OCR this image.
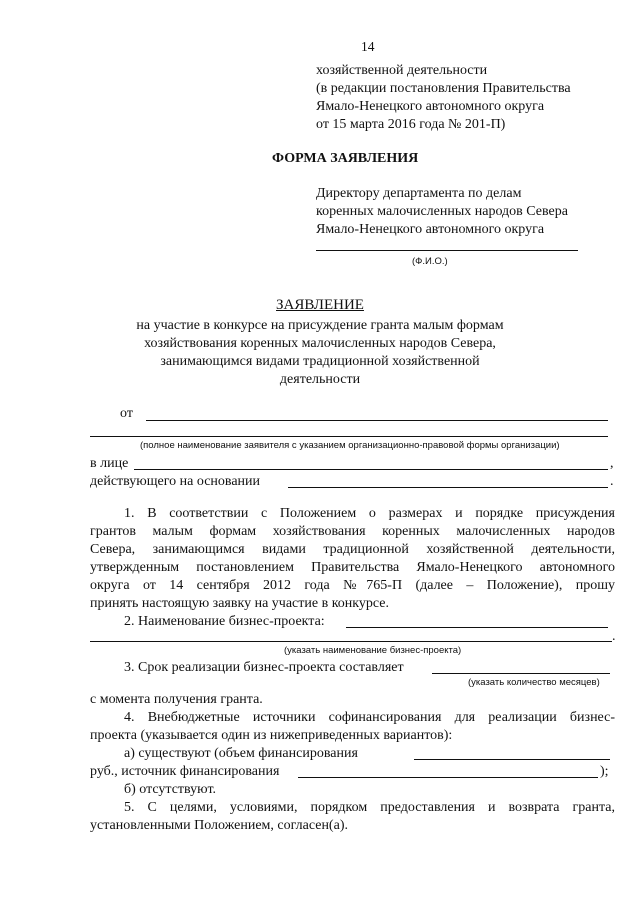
14
хозяйственной деятельности
(в редакции постановления Правительства
Ямало-Ненецкого автономного округа
от 15 марта 2016 года № 201-П)
ФОРМА ЗАЯВЛЕНИЯ
Директору департамента по делам
коренных малочисленных народов Севера
Ямало-Ненецкого автономного округа
(Ф.И.О.)
ЗАЯВЛЕНИЕ
на участие в конкурсе на присуждение гранта малым формам
хозяйствования коренных малочисленных народов Севера,
занимающимся видами традиционной хозяйственной
деятельности
от
(полное наименование заявителя с указанием организационно-правовой формы организации)
в лице	,
действующего на основании	.
1. В соответствии с Положением о размерах и порядке присуждения
грантов малым формам хозяйствования коренных малочисленных народов
Севера, занимающимся видами традиционной хозяйственной деятельности,
утвержденным постановлением Правительства Ямало-Ненецкого автономного
округа от 14 сентября 2012 года №765-П (далее – Положение), прошу
принять настоящую заявку на участие в конкурсе.
2. Наименование бизнес-проекта:
.
(указать наименование бизнес-проекта)
3. Срок реализации бизнес-проекта составляет
(указать количество месяцев)
с момента получения гранта.
4. Внебюджетные источники софинансирования для реализации бизнес-
проекта (указывается один из нижеприведенных вариантов):
а) существуют (объем финансирования
руб., источник финансирования	);
б) отсутствуют.
5. С целями, условиями, порядком предоставления и возврата гранта,
установленными Положением, согласен(а).
